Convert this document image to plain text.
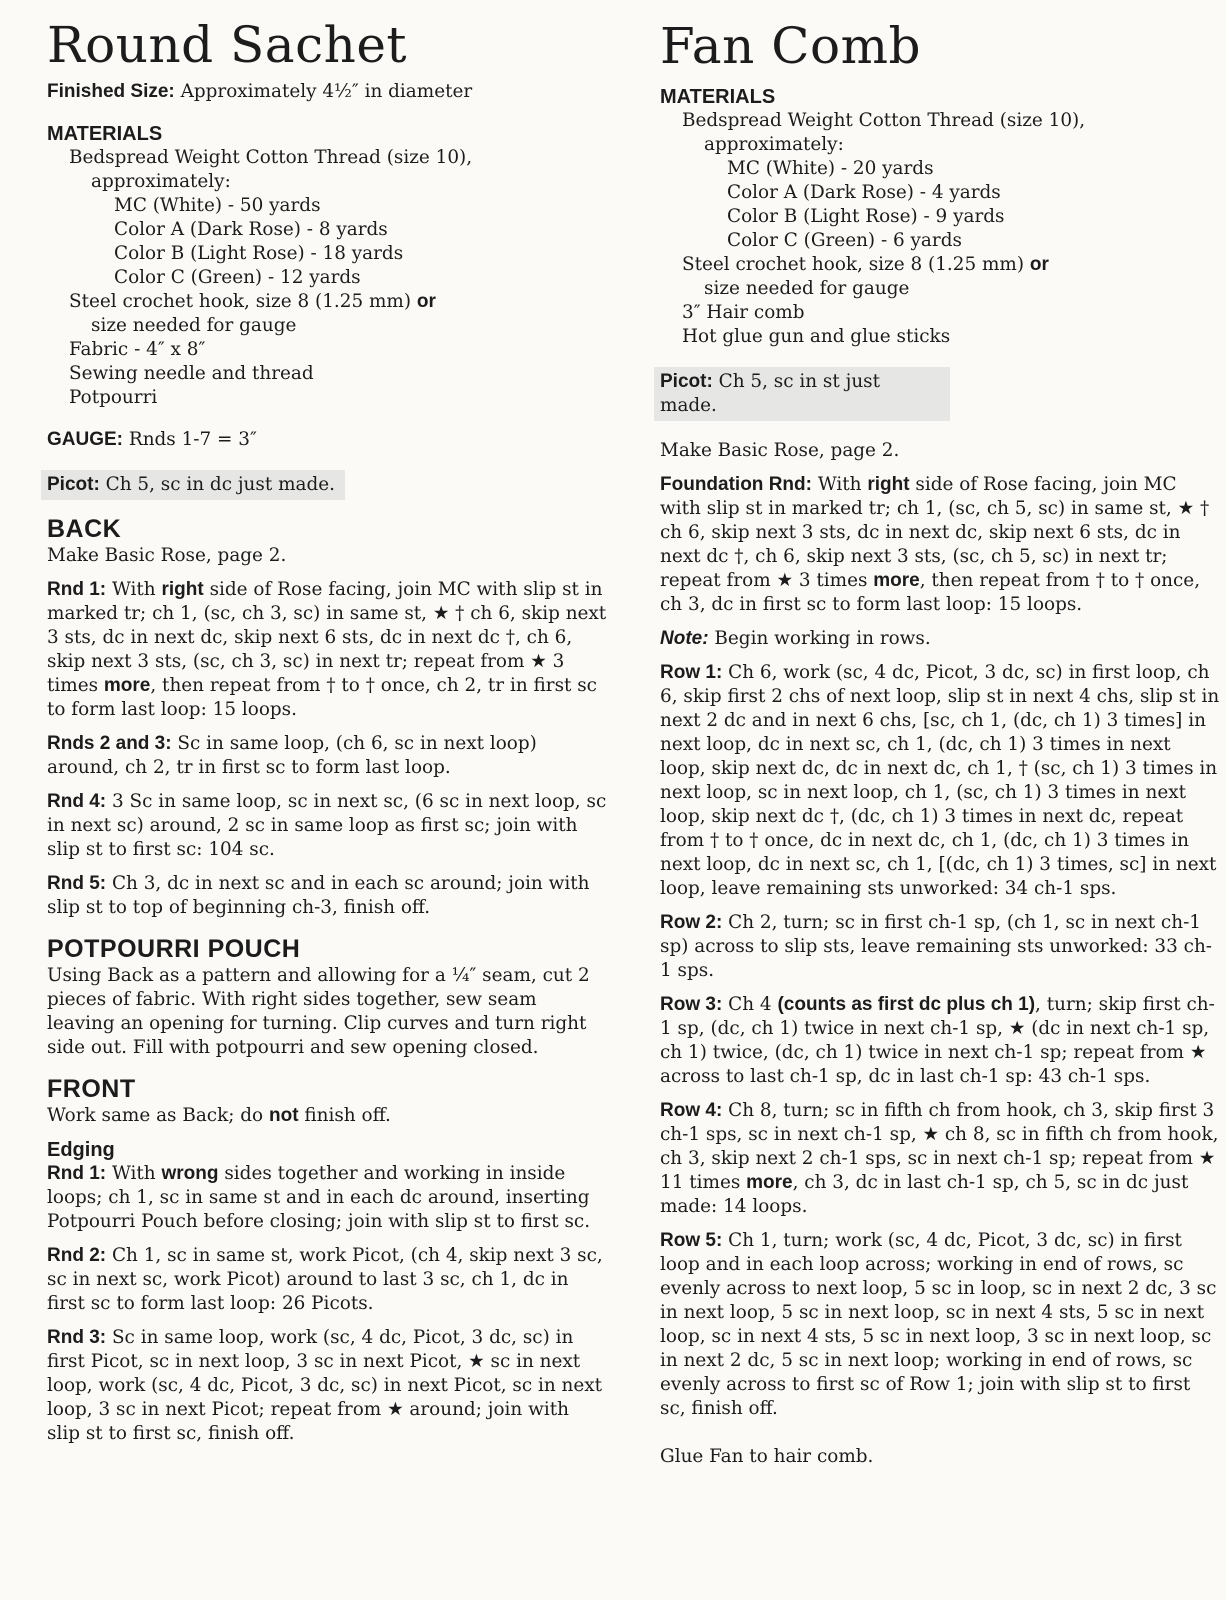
Round Sachet

Finished Size: Approximately 4½″ in diameter

MATERIALS

Bedspread Weight Cotton Thread (size 10),

approximately:

MC (White) - 50 yards

Color A (Dark Rose) - 8 yards

Color B (Light Rose) - 18 yards

Color C (Green) - 12 yards

Steel crochet hook, size 8 (1.25 mm) or

size needed for gauge

Fabric - 4″ x 8″

Sewing needle and thread

Potpourri

GAUGE: Rnds 1-7 = 3″

Picot: Ch 5, sc in dc just made.
BACK

Make Basic Rose, page 2.

Rnd 1: With right side of Rose facing, join MC with slip st in marked tr; ch 1, (sc, ch 3, sc) in same st, ★ † ch 6, skip next 3 sts, dc in next dc, skip next 6 sts, dc in next dc †, ch 6, skip next 3 sts, (sc, ch 3, sc) in next tr; repeat from ★ 3 times more, then repeat from † to † once, ch 2, tr in first sc to form last loop: 15 loops.

Rnds 2 and 3: Sc in same loop, (ch 6, sc in next loop) around, ch 2, tr in first sc to form last loop.

Rnd 4: 3 Sc in same loop, sc in next sc, (6 sc in next loop, sc in next sc) around, 2 sc in same loop as first sc; join with slip st to first sc: 104 sc.

Rnd 5: Ch 3, dc in next sc and in each sc around; join with slip st to top of beginning ch-3, finish off.

POTPOURRI POUCH

Using Back as a pattern and allowing for a ¼″ seam, cut 2 pieces of fabric. With right sides together, sew seam leaving an opening for turning. Clip curves and turn right side out. Fill with potpourri and sew opening closed.

FRONT

Work same as Back; do not finish off.

Edging

Rnd 1: With wrong sides together and working in inside loops; ch 1, sc in same st and in each dc around, inserting Potpourri Pouch before closing; join with slip st to first sc.

Rnd 2: Ch 1, sc in same st, work Picot, (ch 4, skip next 3 sc, sc in next sc, work Picot) around to last 3 sc, ch 1, dc in first sc to form last loop: 26 Picots.

Rnd 3: Sc in same loop, work (sc, 4 dc, Picot, 3 dc, sc) in first Picot, sc in next loop, 3 sc in next Picot, ★ sc in next loop, work (sc, 4 dc, Picot, 3 dc, sc) in next Picot, sc in next loop, 3 sc in next Picot; repeat from ★ around; join with slip st to first sc, finish off.

Fan Comb
MATERIALS

Bedspread Weight Cotton Thread (size 10),

approximately:

MC (White) - 20 yards

Color A (Dark Rose) - 4 yards

Color B (Light Rose) - 9 yards

Color C (Green) - 6 yards

Steel crochet hook, size 8 (1.25 mm) or

size needed for gauge

3″ Hair comb

Hot glue gun and glue sticks

Picot: Ch 5, sc in st just made.

Make Basic Rose, page 2.

Foundation Rnd: With right side of Rose facing, join MC with slip st in marked tr; ch 1, (sc, ch 5, sc) in same st, ★ † ch 6, skip next 3 sts, dc in next dc, skip next 6 sts, dc in next dc †, ch 6, skip next 3 sts, (sc, ch 5, sc) in next tr; repeat from ★ 3 times more, then repeat from † to † once, ch 3, dc in first sc to form last loop: 15 loops.

Note: Begin working in rows.

Row 1: Ch 6, work (sc, 4 dc, Picot, 3 dc, sc) in first loop, ch 6, skip first 2 chs of next loop, slip st in next 4 chs, slip st in next 2 dc and in next 6 chs, [sc, ch 1, (dc, ch 1) 3 times] in next loop, dc in next sc, ch 1, (dc, ch 1) 3 times in next loop, skip next dc, dc in next dc, ch 1, † (sc, ch 1) 3 times in next loop, sc in next loop, ch 1, (sc, ch 1) 3 times in next loop, skip next dc †, (dc, ch 1) 3 times in next dc, repeat from † to † once, dc in next dc, ch 1, (dc, ch 1) 3 times in next loop, dc in next sc, ch 1, [(dc, ch 1) 3 times, sc] in next loop, leave remaining sts unworked: 34 ch-1 sps.

Row 2: Ch 2, turn; sc in first ch-1 sp, (ch 1, sc in next ch-1 sp) across to slip sts, leave remaining sts unworked: 33 ch-1 sps.

Row 3: Ch 4 (counts as first dc plus ch 1), turn; skip first ch-1 sp, (dc, ch 1) twice in next ch-1 sp, ★ (dc in next ch-1 sp, ch 1) twice, (dc, ch 1) twice in next ch-1 sp; repeat from ★ across to last ch-1 sp, dc in last ch-1 sp: 43 ch-1 sps.

Row 4: Ch 8, turn; sc in fifth ch from hook, ch 3, skip first 3 ch-1 sps, sc in next ch-1 sp, ★ ch 8, sc in fifth ch from hook, ch 3, skip next 2 ch-1 sps, sc in next ch-1 sp; repeat from ★ 11 times more, ch 3, dc in last ch-1 sp, ch 5, sc in dc just made: 14 loops.

Row 5: Ch 1, turn; work (sc, 4 dc, Picot, 3 dc, sc) in first loop and in each loop across; working in end of rows, sc evenly across to next loop, 5 sc in loop, sc in next 2 dc, 3 sc in next loop, 5 sc in next loop, sc in next 4 sts, 5 sc in next loop, sc in next 4 sts, 5 sc in next loop, 3 sc in next loop, sc in next 2 dc, 5 sc in next loop; working in end of rows, sc evenly across to first sc of Row 1; join with slip st to first sc, finish off.

Glue Fan to hair comb.
